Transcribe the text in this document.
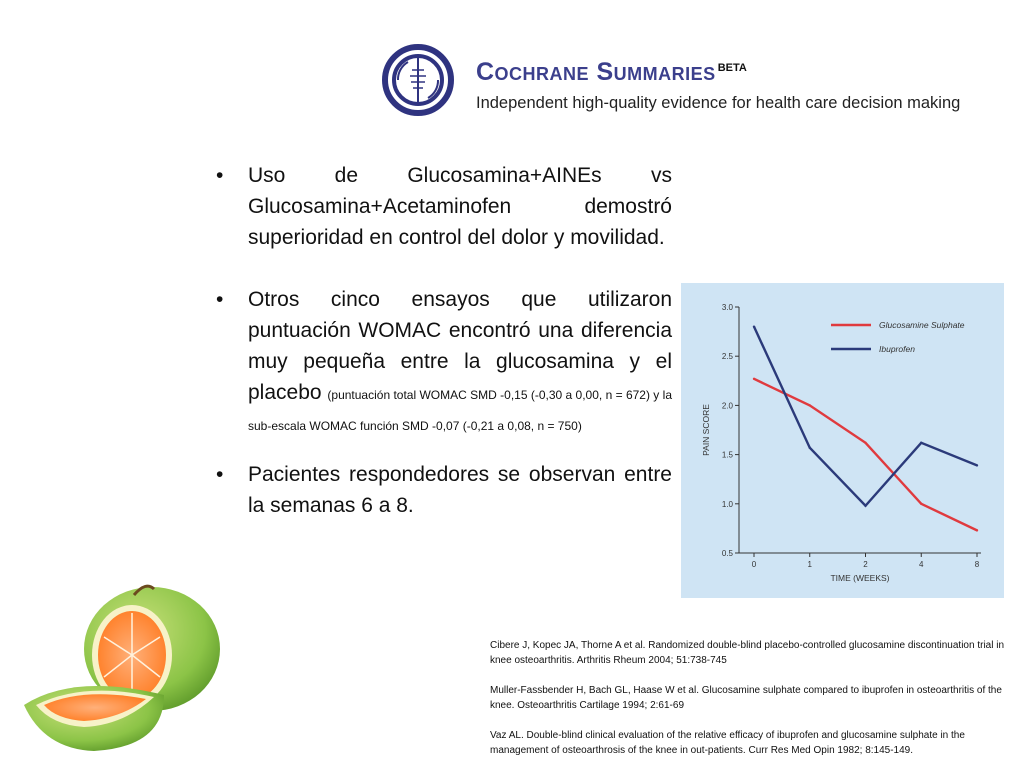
Cochrane Summaries $^{BETA}$
Independent high-quality evidence for health care decision making
• Uso de Glucosamina+AINEs vs Glucosamina+Acetaminofen demostró superioridad en control del dolor y movilidad.
• Otros cinco ensayos que utilizaron puntuación WOMAC encontró una diferencia muy pequeña entre la glucosamina y el placebo (puntuación total WOMAC SMD -0,15 (-0,30 a 0,00, n = 672) y la sub-escala WOMAC función SMD -0,07 (-0,21 a 0,08, n = 750)
• Pacientes respondedores se observan entre la semanas 6 a 8.
0.5
1.0
1.5
2.0
2.5
3.0
0	1	2	4	8
TIME (WEEKS)
PAIN SCORE
Glucosamine Sulphate
Ibuprofen

Cibere J, Kopec JA, Thorne A et al. Randomized double-blind placebo-controlled glucosamine discontinuation trial in knee osteoarthritis. Arthritis Rheum 2004; 51:738-745

Muller-Fassbender H, Bach GL, Haase W et al. Glucosamine sulphate compared to ibuprofen in osteoarthritis of the knee. Osteoarthritis Cartilage 1994; 2:61-69

Vaz AL. Double-blind clinical evaluation of the relative efficacy of ibuprofen and glucosamine sulphate in the management of osteoarthrosis of the knee in out-patients. Curr Res Med Opin 1982; 8:145-149.
